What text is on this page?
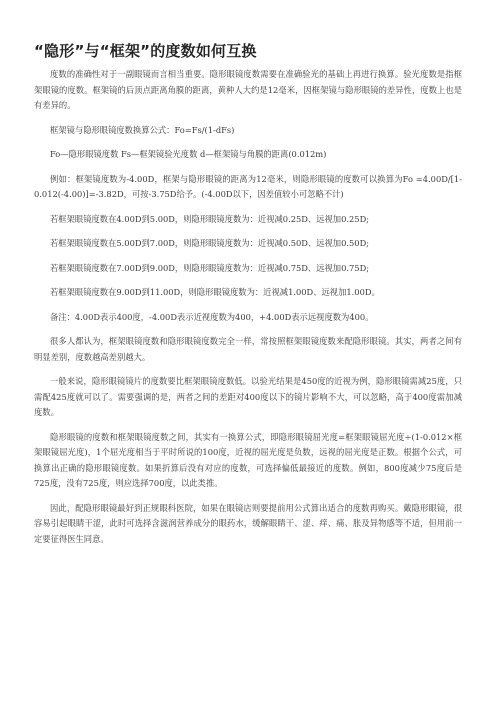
“隐形”与“框架”的度数如何互换

度数的准确性对于一副眼镜而言相当重要。隐形眼镜度数需要在准确验光的基础上再进行换算。验光度数是指框架眼镜的度数。框架镜的后顶点距离角膜的距离，黄种人大约是12毫米，因框架镜与隐形眼镜的差异性，度数上也是有差异的。

框架镜与隐形眼镜度数换算公式：Fo=Fs/(1-dFs)

Fo—隐形眼镜度数 Fs—框架镜验光度数 d—框架镜与角膜的距离(0.012m)

例如：框架镜度数为-4.00D，框架与隐形眼镜的距离为12毫米，则隐形眼镜的度数可以换算为Fo =4.00D/[1-0.012(-4.00)]=-3.82D，可按-3.75D给予。(-4.00D以下，因差值较小可忽略不计)

若框架眼镜度数在4.00D到5.00D，则隐形眼镜度数为：近视减0.25D、远视加0.25D;

若框架眼镜度数在5.00D到7.00D，则隐形眼镜度数为：近视减0.50D、远视加0.50D;

若框架眼镜度数在7.00D到9.00D，则隐形眼镜度数为：近视减0.75D、远视加0.75D;

若框架眼镜度数在9.00D到11.00D，则隐形眼镜度数为：近视减1.00D、远视加1.00D。

备注：4.00D表示400度，-4.00D表示近视度数为400，+4.00D表示远视度数为400。

很多人都认为，框架眼镜度数和隐形眼镜度数完全一样，常按照框架眼镜度数来配隐形眼镜。其实，两者之间有明显差别，度数越高差别越大。

一般来说，隐形眼镜镜片的度数要比框架眼镜度数低。以验光结果是450度的近视为例，隐形眼镜需减25度，只需配425度就可以了。需要强调的是，两者之间的差距对400度以下的镜片影响不大，可以忽略，高于400度需加减度数。

隐形眼镜的度数和框架眼镜度数之间，其实有一换算公式，即隐形眼镜屈光度=框架眼镜屈光度÷(1-0.012×框架眼镜屈光度)，1个屈光度相当于平时所说的100度，近视的屈光度是负数，远视的屈光度是正数。根据个公式，可换算出正确的隐形眼镜度数。如果折算后没有对应的度数，可选择偏低最接近的度数。例如，800度减少75度后是725度，没有725度，则应选择700度，以此类推。

因此，配隐形眼镜最好到正规眼科医院，如果在眼镜店则要提前用公式算出适合的度数再购买。戴隐形眼镜，很容易引起眼睛干涩，此时可选择含滋润营养成分的眼药水，缓解眼睛干、涩、痒、痛、胀及异物感等不适，但用前一定要征得医生同意。
